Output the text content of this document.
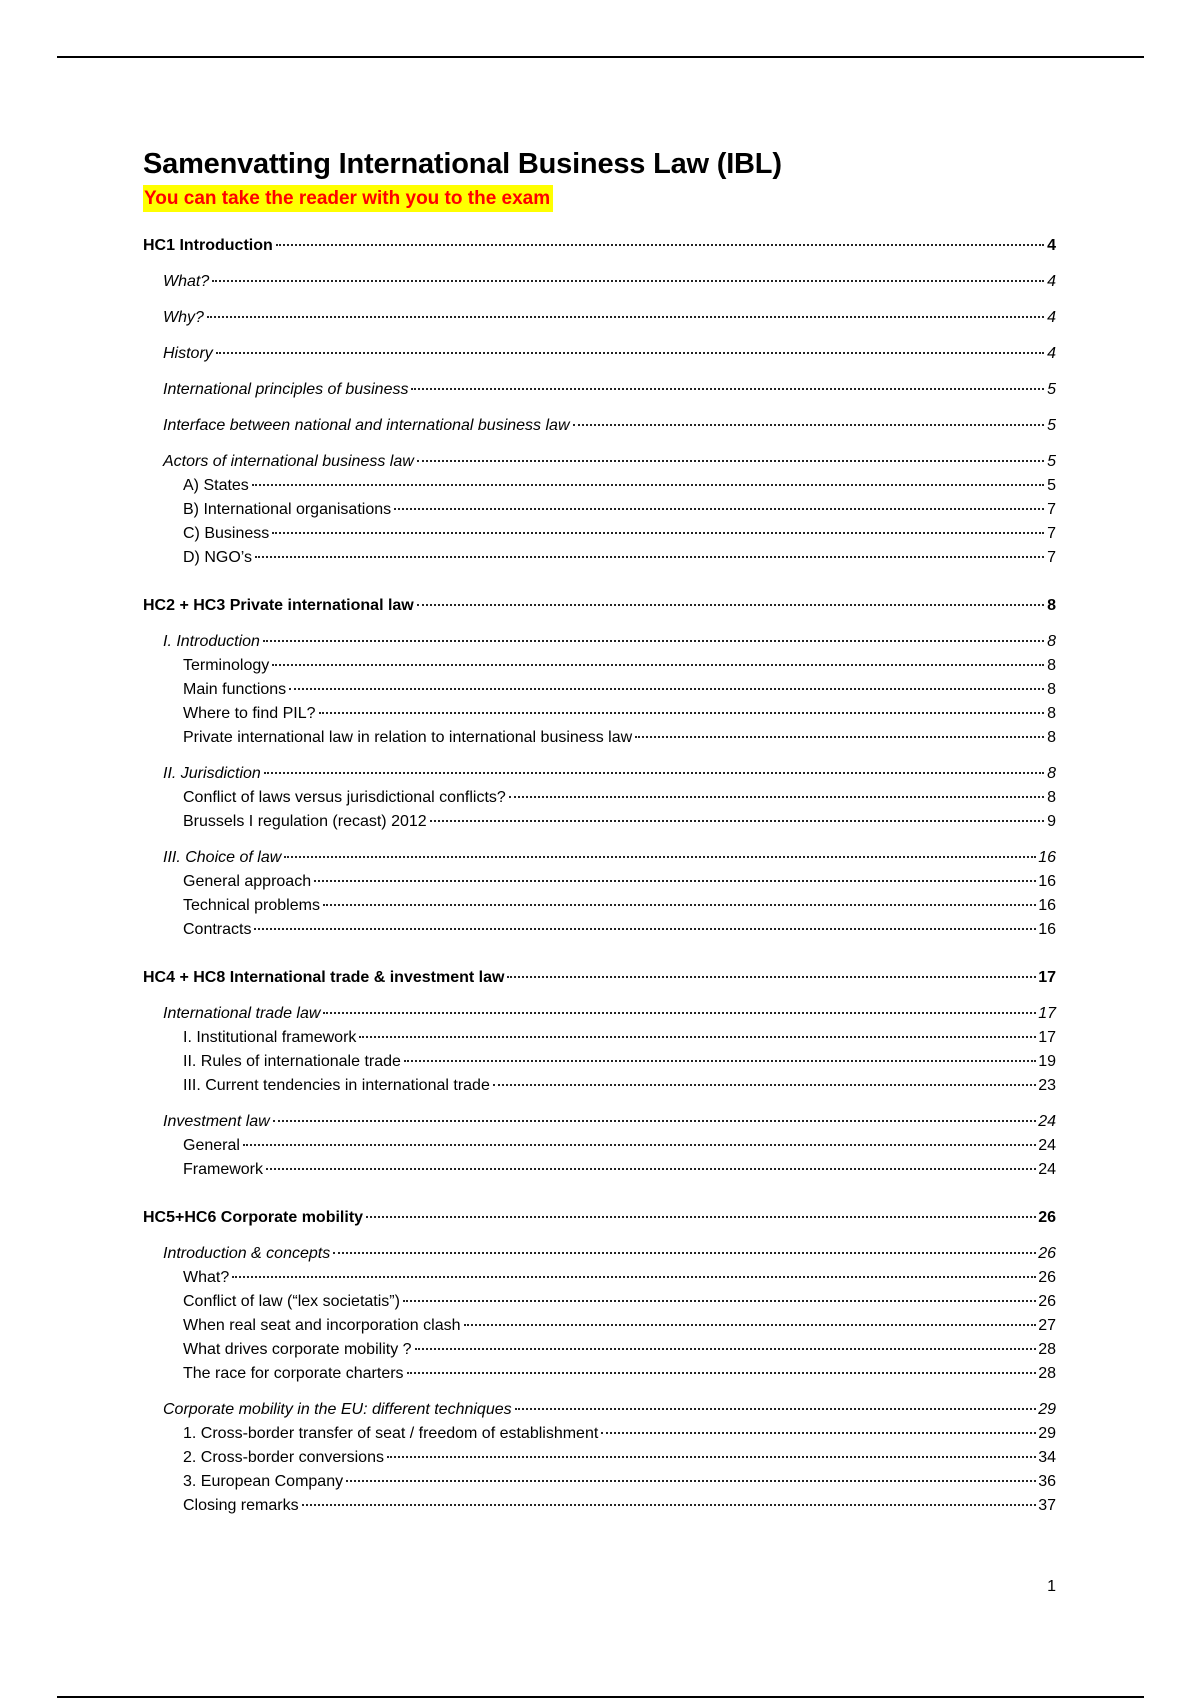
Samenvatting International Business Law (IBL)
You can take the reader with you to the exam
HC1 Introduction	4
What?	4
Why?	4
History	4
International principles of business	5
Interface between national and international business law	5
Actors of international business law	5
A) States	5
B) International organisations	7
C) Business	7
D) NGO’s	7
HC2 + HC3 Private international law	8
I. Introduction	8
Terminology	8
Main functions	8
Where to find PIL?	8
Private international law in relation to international business law	8
II. Jurisdiction	8
Conflict of laws versus jurisdictional conflicts?	8
Brussels I regulation (recast) 2012	9
III. Choice of law	16
General approach	16
Technical problems	16
Contracts	16
HC4 + HC8 International trade & investment law	17
International trade law	17
I. Institutional framework	17
II. Rules of internationale trade	19
III. Current tendencies in international trade	23
Investment law	24
General	24
Framework	24
HC5+HC6 Corporate mobility	26
Introduction & concepts	26
What?	26
Conflict of law (“lex societatis”)	26
When real seat and incorporation clash	27
What drives corporate mobility ?	28
The race for corporate charters	28
Corporate mobility in the EU: different techniques	29
1. Cross-border transfer of seat / freedom of establishment	29
2. Cross-border conversions	34
3. European Company	36
Closing remarks	37
1
